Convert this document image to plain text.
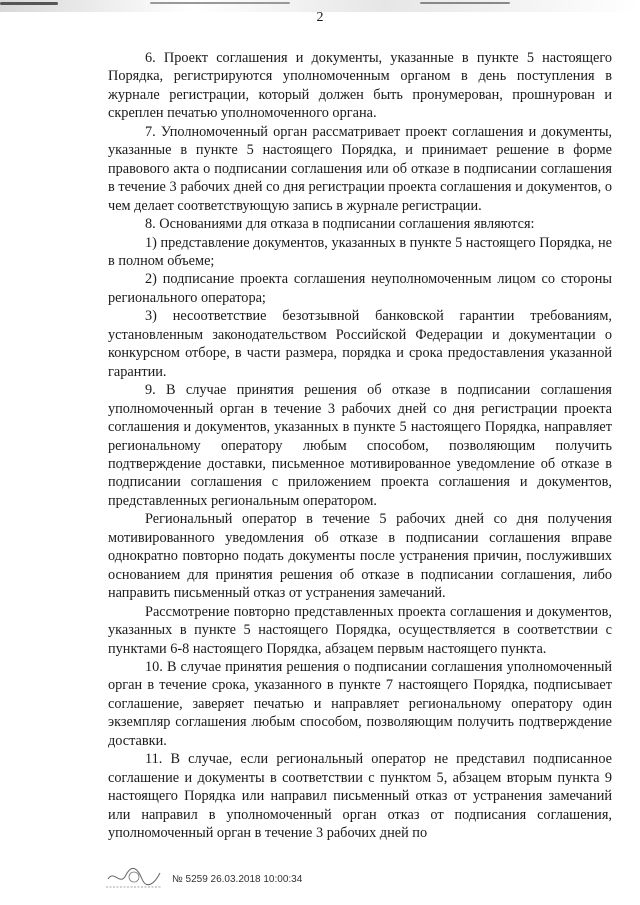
2

6. Проект соглашения и документы, указанные в пункте 5 настоящего Порядка, регистрируются уполномоченным органом в день поступления в журнале регистрации, который должен быть пронумерован, прошнурован и скреплен печатью уполномоченного органа.

7. Уполномоченный орган рассматривает проект соглашения и документы, указанные в пункте 5 настоящего Порядка, и принимает решение в форме правового акта о подписании соглашения или об отказе в подписании соглашения в течение 3 рабочих дней со дня регистрации проекта соглашения и документов, о чем делает соответствующую запись в журнале регистрации.

8. Основаниями для отказа в подписании соглашения являются:

1) представление документов, указанных в пункте 5 настоящего Порядка, не в полном объеме;

2) подписание проекта соглашения неуполномоченным лицом со стороны регионального оператора;

3) несоответствие безотзывной банковской гарантии требованиям, установленным законодательством Российской Федерации и документации о конкурсном отборе, в части размера, порядка и срока предоставления указанной гарантии.

9. В случае принятия решения об отказе в подписании соглашения уполномоченный орган в течение 3 рабочих дней со дня регистрации проекта соглашения и документов, указанных в пункте 5 настоящего Порядка, направляет региональному оператору любым способом, позволяющим получить подтверждение доставки, письменное мотивированное уведомление об отказе в подписании соглашения с приложением проекта соглашения и документов, представленных региональным оператором.

Региональный оператор в течение 5 рабочих дней со дня получения мотивированного уведомления об отказе в подписании соглашения вправе однократно повторно подать документы после устранения причин, послуживших основанием для принятия решения об отказе в подписании соглашения, либо направить письменный отказ от устранения замечаний.

Рассмотрение повторно представленных проекта соглашения и документов, указанных в пункте 5 настоящего Порядка, осуществляется в соответствии с пунктами 6-8 настоящего Порядка, абзацем первым настоящего пункта.

10. В случае принятия решения о подписании соглашения уполномоченный орган в течение срока, указанного в пункте 7 настоящего Порядка, подписывает соглашение, заверяет печатью и направляет региональному оператору один экземпляр соглашения любым способом, позволяющим получить подтверждение доставки.

11. В случае, если региональный оператор не представил подписанное соглашение и документы в соответствии с пунктом 5, абзацем вторым пункта 9 настоящего Порядка или направил письменный отказ от устранения замечаний или направил в уполномоченный орган отказ от подписания соглашения, уполномоченный орган в течение 3 рабочих дней по

№ 5259 26.03.2018 10:00:34
